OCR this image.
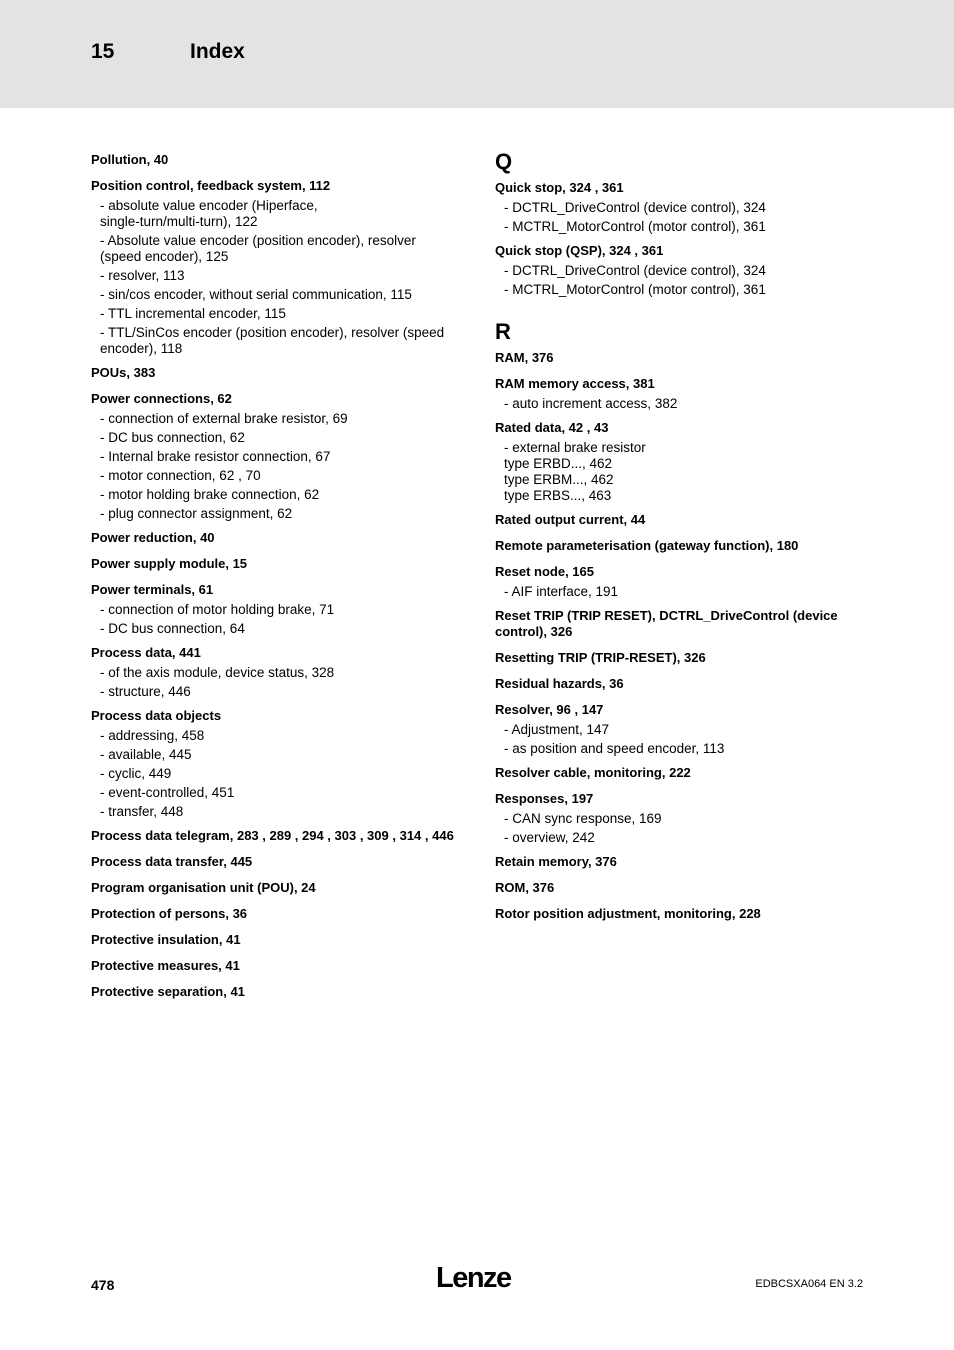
15	Index
Pollution, 40
Position control, feedback system, 112
- absolute value encoder (Hiperface,
single-turn/multi-turn), 122
- Absolute value encoder (position encoder), resolver
(speed encoder), 125
- resolver, 113
- sin/cos encoder, without serial communication, 115
- TTL incremental encoder, 115
- TTL/SinCos encoder (position encoder), resolver (speed
encoder), 118
POUs, 383
Power connections, 62
- connection of external brake resistor, 69
- DC bus connection, 62
- Internal brake resistor connection, 67
- motor connection, 62 , 70
- motor holding brake connection, 62
- plug connector assignment, 62
Power reduction, 40
Power supply module, 15
Power terminals, 61
- connection of motor holding brake, 71
- DC bus connection, 64
Process data, 441
- of the axis module, device status, 328
- structure, 446
Process data objects
- addressing, 458
- available, 445
- cyclic, 449
- event-controlled, 451
- transfer, 448
Process data telegram, 283 , 289 , 294 , 303 , 309 , 314 , 446
Process data transfer, 445
Program organisation unit (POU), 24
Protection of persons, 36
Protective insulation, 41
Protective measures, 41
Protective separation, 41
Q
Quick stop, 324 , 361
- DCTRL_DriveControl (device control), 324
- MCTRL_MotorControl (motor control), 361
Quick stop (QSP), 324 , 361
- DCTRL_DriveControl (device control), 324
- MCTRL_MotorControl (motor control), 361
R
RAM, 376
RAM memory access, 381
- auto increment access, 382
Rated data, 42 , 43
- external brake resistor
type ERBD..., 462
type ERBM..., 462
type ERBS..., 463
Rated output current, 44
Remote parameterisation (gateway function), 180
Reset node, 165
- AIF interface, 191
Reset TRIP (TRIP RESET), DCTRL_DriveControl (device control), 326
Resetting TRIP (TRIP-RESET), 326
Residual hazards, 36
Resolver, 96 , 147
- Adjustment, 147
- as position and speed encoder, 113
Resolver cable, monitoring, 222
Responses, 197
- CAN sync response, 169
- overview, 242
Retain memory, 376
ROM, 376
Rotor position adjustment, monitoring, 228
478	Lenze	EDBCSXA064 EN 3.2
